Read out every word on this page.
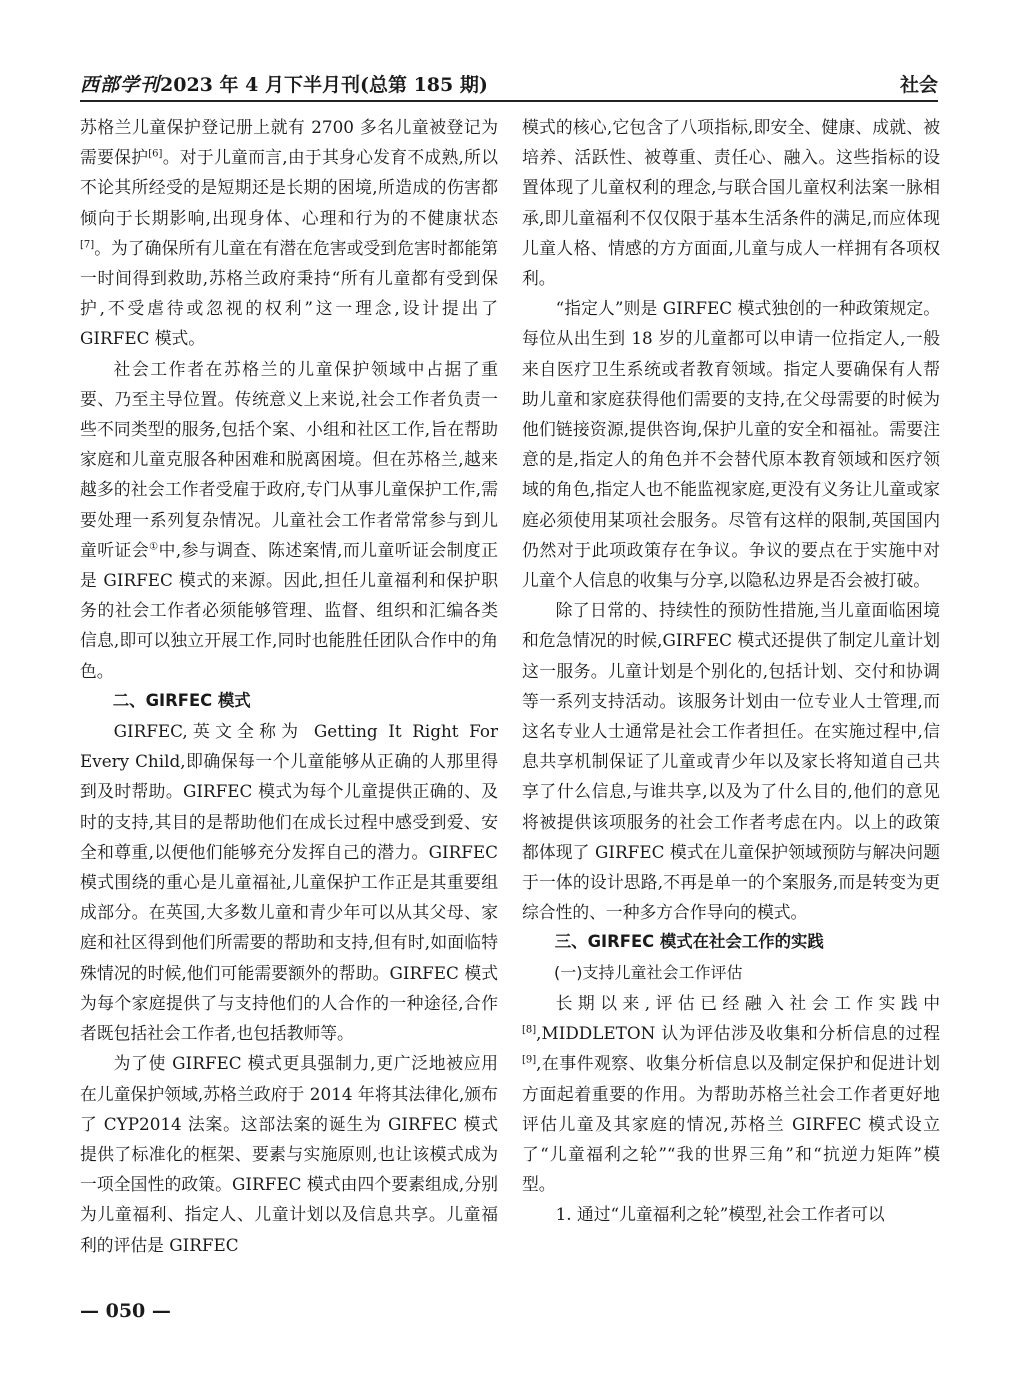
西部学刊2023 年 4 月下半月刊(总第 185 期)	社会

苏格兰儿童保护登记册上就有 2700 多名儿童被登记为需要保护[6]。对于儿童而言,由于其身心发育不成熟,所以不论其所经受的是短期还是长期的困境,所造成的伤害都倾向于长期影响,出现身体、心理和行为的不健康状态[7]。为了确保所有儿童在有潜在危害或受到危害时都能第一时间得到救助,苏格兰政府秉持“所有儿童都有受到保护,不受虐待或忽视的权利”这一理念,设计提出了 GIRFEC 模式。

社会工作者在苏格兰的儿童保护领域中占据了重要、乃至主导位置。传统意义上来说,社会工作者负责一些不同类型的服务,包括个案、小组和社区工作,旨在帮助家庭和儿童克服各种困难和脱离困境。但在苏格兰,越来越多的社会工作者受雇于政府,专门从事儿童保护工作,需要处理一系列复杂情况。儿童社会工作者常常参与到儿童听证会①中,参与调查、陈述案情,而儿童听证会制度正是 GIRFEC 模式的来源。因此,担任儿童福利和保护职务的社会工作者必须能够管理、监督、组织和汇编各类信息,即可以独立开展工作,同时也能胜任团队合作中的角色。

二、GIRFEC 模式

GIRFEC,英文全称为 Getting It Right For Every Child,即确保每一个儿童能够从正确的人那里得到及时帮助。GIRFEC 模式为每个儿童提供正确的、及时的支持,其目的是帮助他们在成长过程中感受到爱、安全和尊重,以便他们能够充分发挥自己的潜力。GIRFEC 模式围绕的重心是儿童福祉,儿童保护工作正是其重要组成部分。在英国,大多数儿童和青少年可以从其父母、家庭和社区得到他们所需要的帮助和支持,但有时,如面临特殊情况的时候,他们可能需要额外的帮助。GIRFEC 模式为每个家庭提供了与支持他们的人合作的一种途径,合作者既包括社会工作者,也包括教师等。

为了使 GIRFEC 模式更具强制力,更广泛地被应用在儿童保护领域,苏格兰政府于 2014 年将其法律化,颁布了 CYP2014 法案。这部法案的诞生为 GIRFEC 模式提供了标准化的框架、要素与实施原则,也让该模式成为一项全国性的政策。GIRFEC 模式由四个要素组成,分别为儿童福利、指定人、儿童计划以及信息共享。儿童福利的评估是 GIRFEC

模式的核心,它包含了八项指标,即安全、健康、成就、被培养、活跃性、被尊重、责任心、融入。这些指标的设置体现了儿童权利的理念,与联合国儿童权利法案一脉相承,即儿童福利不仅仅限于基本生活条件的满足,而应体现儿童人格、情感的方方面面,儿童与成人一样拥有各项权利。

“指定人”则是 GIRFEC 模式独创的一种政策规定。每位从出生到 18 岁的儿童都可以申请一位指定人,一般来自医疗卫生系统或者教育领域。指定人要确保有人帮助儿童和家庭获得他们需要的支持,在父母需要的时候为他们链接资源,提供咨询,保护儿童的安全和福祉。需要注意的是,指定人的角色并不会替代原本教育领域和医疗领域的角色,指定人也不能监视家庭,更没有义务让儿童或家庭必须使用某项社会服务。尽管有这样的限制,英国国内仍然对于此项政策存在争议。争议的要点在于实施中对儿童个人信息的收集与分享,以隐私边界是否会被打破。

除了日常的、持续性的预防性措施,当儿童面临困境和危急情况的时候,GIRFEC 模式还提供了制定儿童计划这一服务。儿童计划是个别化的,包括计划、交付和协调等一系列支持活动。该服务计划由一位专业人士管理,而这名专业人士通常是社会工作者担任。在实施过程中,信息共享机制保证了儿童或青少年以及家长将知道自己共享了什么信息,与谁共享,以及为了什么目的,他们的意见将被提供该项服务的社会工作者考虑在内。以上的政策都体现了 GIRFEC 模式在儿童保护领域预防与解决问题于一体的设计思路,不再是单一的个案服务,而是转变为更综合性的、一种多方合作导向的模式。

三、GIRFEC 模式在社会工作的实践

(一)支持儿童社会工作评估

长期以来,评估已经融入社会工作实践中[8],MIDDLETON 认为评估涉及收集和分析信息的过程[9],在事件观察、收集分析信息以及制定保护和促进计划方面起着重要的作用。为帮助苏格兰社会工作者更好地评估儿童及其家庭的情况,苏格兰 GIRFEC 模式设立了“儿童福利之轮”“我的世界三角”和“抗逆力矩阵”模型。

1. 通过“儿童福利之轮”模型,社会工作者可以

— 050 —
